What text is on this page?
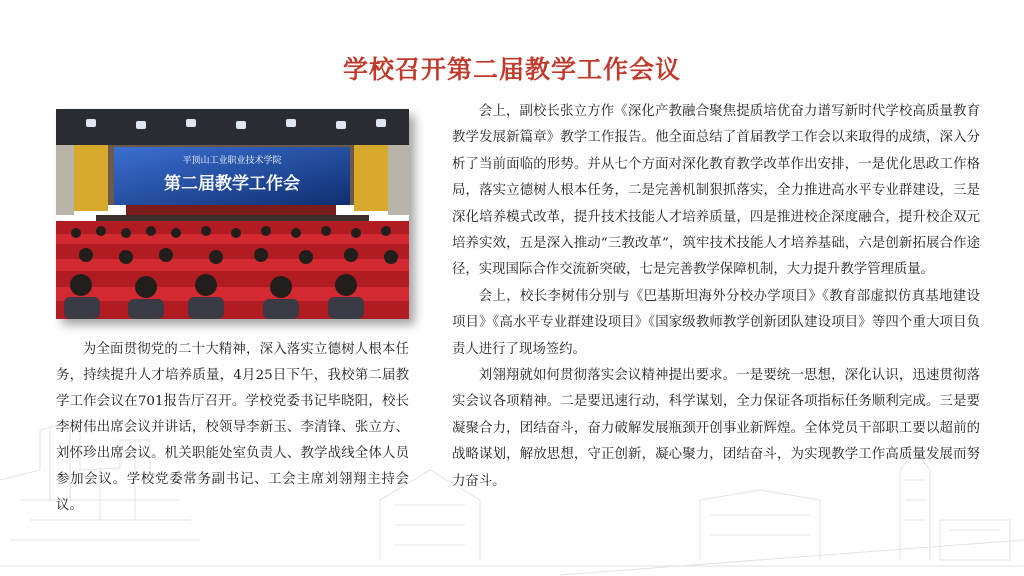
学校召开第二届教学工作会议
平顶山工业职业技术学院
第二届教学工作会

为全面贯彻党的二十大精神，深入落实立德树人根本任务，持续提升人才培养质量，4月25日下午，我校第二届教学工作会议在701报告厅召开。学校党委书记毕晓阳，校长李树伟出席会议并讲话，校领导李新玉、李清锋、张立方、刘怀珍出席会议。机关职能处室负责人、教学战线全体人员参加会议。学校党委常务副书记、工会主席刘翎翔主持会议。

会上，副校长张立方作《深化产教融合聚焦提质培优奋力谱写新时代学校高质量教育教学发展新篇章》教学工作报告。他全面总结了首届教学工作会以来取得的成绩，深入分析了当前面临的形势。并从七个方面对深化教育教学改革作出安排，一是优化思政工作格局，落实立德树人根本任务，二是完善机制狠抓落实，全力推进高水平专业群建设，三是深化培养模式改革，提升技术技能人才培养质量，四是推进校企深度融合，提升校企双元培养实效，五是深入推动“三教改革”，筑牢技术技能人才培养基础，六是创新拓展合作途径，实现国际合作交流新突破，七是完善教学保障机制，大力提升教学管理质量。

会上，校长李树伟分别与《巴基斯坦海外分校办学项目》《教育部虚拟仿真基地建设项目》《高水平专业群建设项目》《国家级教师教学创新团队建设项目》等四个重大项目负责人进行了现场签约。

刘翎翔就如何贯彻落实会议精神提出要求。一是要统一思想，深化认识，迅速贯彻落实会议各项精神。二是要迅速行动，科学谋划，全力保证各项指标任务顺利完成。三是要凝聚合力，团结奋斗，奋力破解发展瓶颈开创事业新辉煌。全体党员干部职工要以超前的战略谋划，解放思想，守正创新，凝心聚力，团结奋斗，为实现教学工作高质量发展而努力奋斗。
